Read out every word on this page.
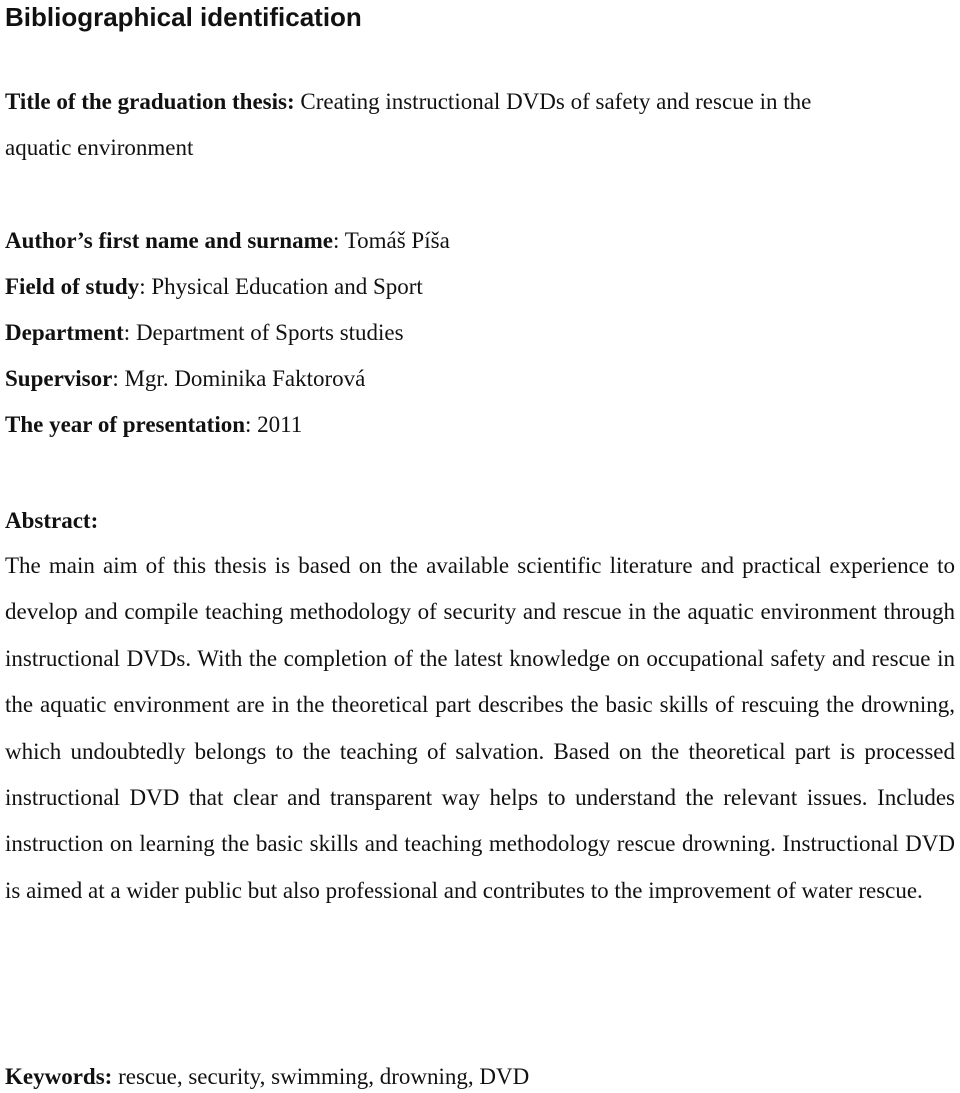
Bibliographical identification

Title of the graduation thesis: Creating instructional DVDs of safety and rescue in the

aquatic environment

Author’s first name and surname: Tomáš Píša

Field of study: Physical Education and Sport

Department: Department of Sports studies

Supervisor: Mgr. Dominika Faktorová

The year of presentation: 2011

Abstract:

The main aim of this thesis is based on the available scientific literature and practical experience to develop and compile teaching methodology of security and rescue in the aquatic environment through instructional DVDs. With the completion of the latest knowledge on occupational safety and rescue in the aquatic environment are in the theoretical part describes the basic skills of rescuing the drowning, which undoubtedly belongs to the teaching of salvation. Based on the theoretical part is processed instructional DVD that clear and transparent way helps to understand the relevant issues. Includes instruction on learning the basic skills and teaching methodology rescue drowning. Instructional DVD is aimed at a wider public but also professional and contributes to the improvement of water rescue.

Keywords: rescue, security, swimming, drowning, DVD
